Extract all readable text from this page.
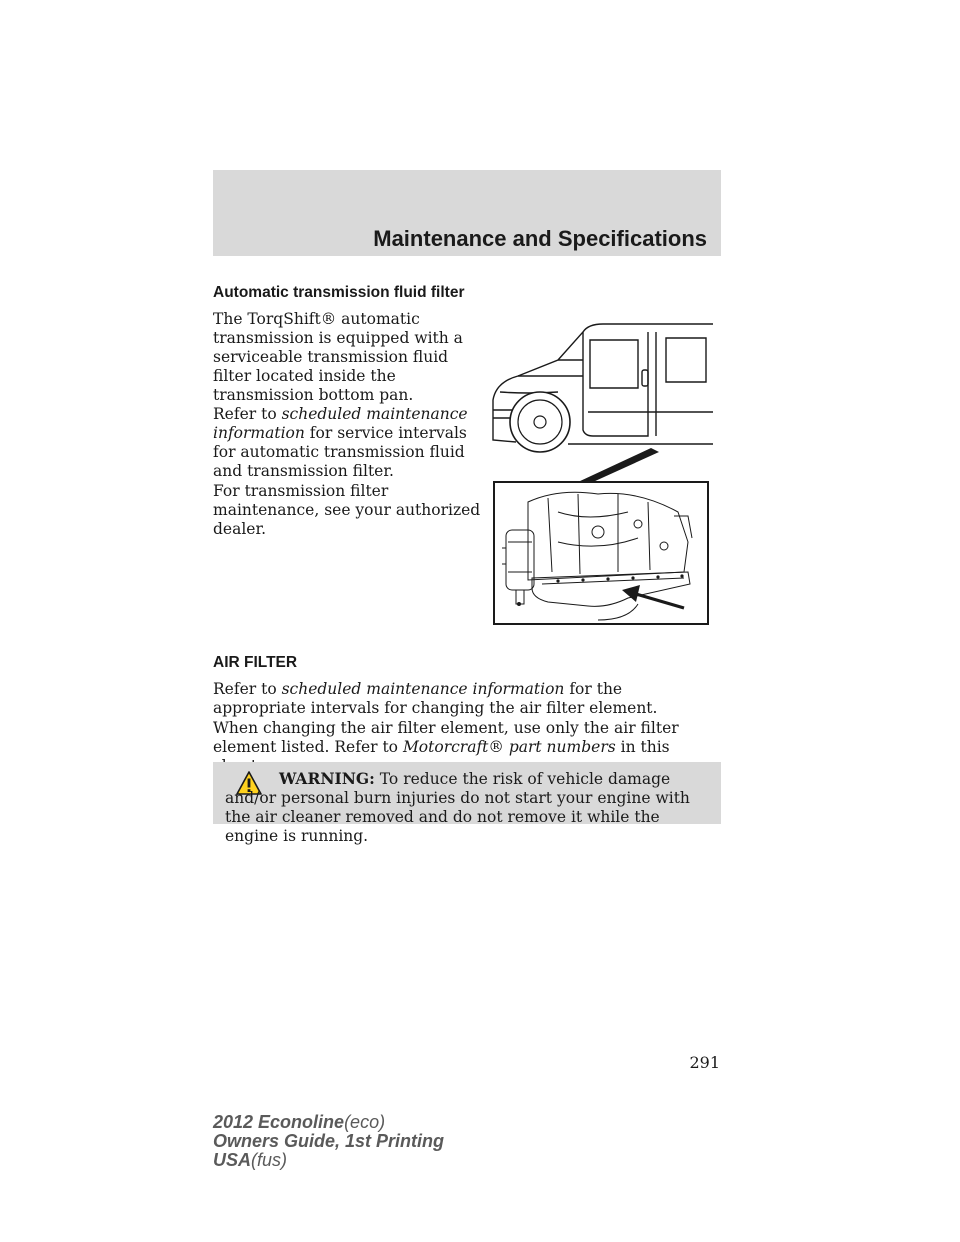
Maintenance and Specifications
Automatic transmission fluid filter

The TorqShift® automatic transmission is equipped with a serviceable transmission fluid filter located inside the transmission bottom pan.

Refer to scheduled maintenance information for service intervals for automatic transmission fluid and transmission filter.

For transmission filter maintenance, see your authorized dealer.

AIR FILTER

Refer to scheduled maintenance information for the appropriate intervals for changing the air filter element.

When changing the air filter element, use only the air filter element listed. Refer to Motorcraft® part numbers in this

WARNING: To reduce the risk of vehicle damage and/or personal burn injuries do not start your engine with the air cleaner removed and do not remove it while the engine is running.

291
2012 Econoline(eco)
Owners Guide, 1st Printing
USA(fus)
